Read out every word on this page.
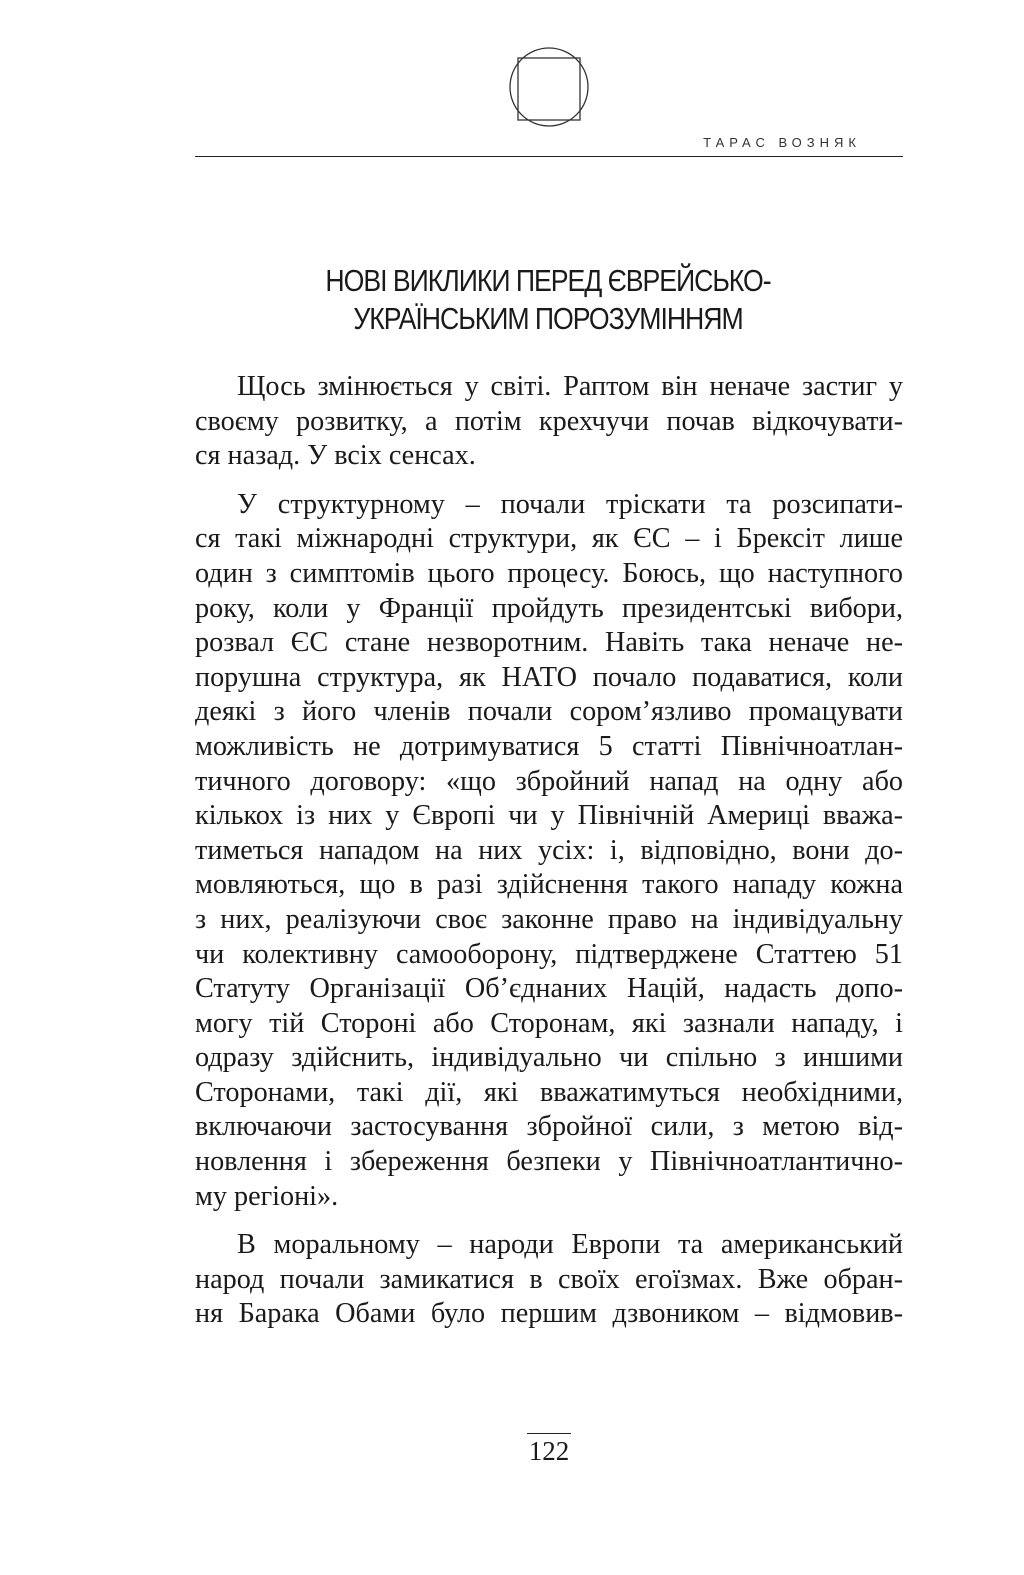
ТАРАС ВОЗНЯК
НОВІ ВИКЛИКИ ПЕРЕД ЄВРЕЙСЬКО-
УКРАЇНСЬКИМ ПОРОЗУМІННЯМ

Щось змінюється у світі. Раптом він неначе застиг у
своєму розвитку, а потім крехчучи почав відкочувати-
ся назад. У всіх сенсах.

У структурному – почали тріскати та розсипати-
ся такі міжнародні структури, як ЄС – і Брексіт лише
один з симптомів цього процесу. Боюсь, що наступного
року, коли у Франції пройдуть президентські вибори,
розвал ЄС стане незворотним. Навіть така неначе не-
порушна структура, як НАТО почало подаватися, коли
деякі з його членів почали сором’язливо промацувати
можливість не дотримуватися 5 статті Північноатлан-
тичного договору: «що збройний напад на одну або
кількох із них у Європі чи у Північній Америці вважа-
тиметься нападом на них усіх: і, відповідно, вони до-
мовляються, що в разі здійснення такого нападу кожна
з них, реалізуючи своє законне право на індивідуальну
чи колективну самооборону, підтверджене Статтею 51
Статуту Організації Об’єднаних Націй, надасть допо-
могу тій Стороні або Сторонам, які зазнали нападу, і
одразу здійснить, індивідуально чи спільно з иншими
Сторонами, такі дії, які вважатимуться необхідними,
включаючи застосування збройної сили, з метою від-
новлення і збереження безпеки у Північноатлантичнo-
му регіоні».

В моральному – народи Европи та американський
народ почали замикатися в своїх егоїзмах. Вже обран-
ня Барака Обами було першим дзвоником – відмовив-

122
